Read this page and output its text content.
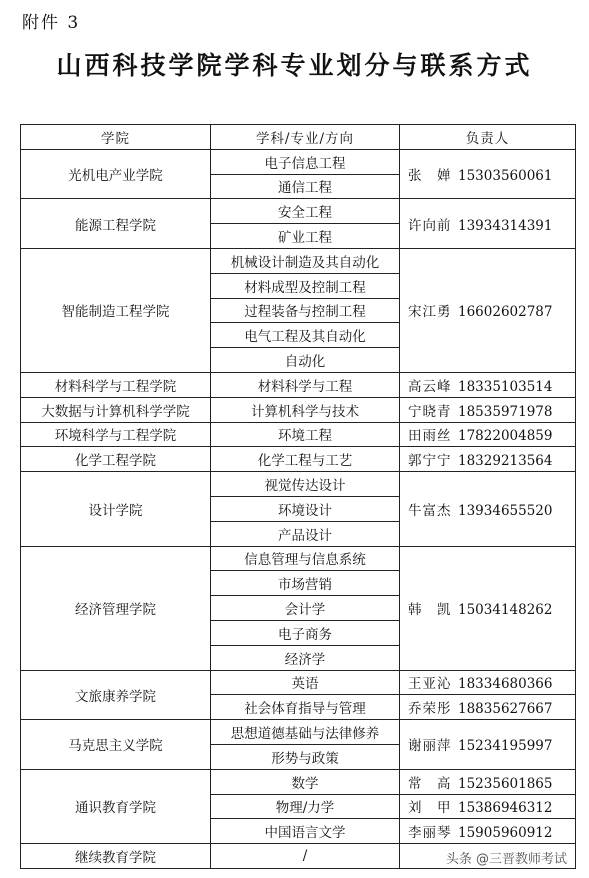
附件 3
山西科技学院学科专业划分与联系方式
学院	学科/专业/方向	负责人
光机电产业学院	电子信息工程	张　婵 15303560061
	通信工程	
能源工程学院	安全工程	许向前 13934314391
	矿业工程	
智能制造工程学院	机械设计制造及其自动化	宋江勇 16602602787
	材料成型及控制工程	
	过程装备与控制工程	
	电气工程及其自动化	
	自动化	
材料科学与工程学院	材料科学与工程	高云峰 18335103514
大数据与计算机科学学院	计算机科学与技术	宁晓青 18535971978
环境科学与工程学院	环境工程	田雨丝 17822004859
化学工程学院	化学工程与工艺	郭宁宁 18329213564
设计学院	视觉传达设计	牛富杰 13934655520
	环境设计	
	产品设计	
经济管理学院	信息管理与信息系统	韩　凯 15034148262
	市场营销	
	会计学	
	电子商务	
	经济学	
文旅康养学院	英语	王亚沁 18334680366
	社会体育指导与管理	乔荣彤 18835627667
马克思主义学院	思想道德基础与法律修养	谢丽萍 15234195997
	形势与政策	
通识教育学院	数学	常　高 15235601865
	物理/力学	刘　甲 15386946312
	中国语言文学	李丽琴 15905960912
继续教育学院	/		头条 @三晋教师考试
